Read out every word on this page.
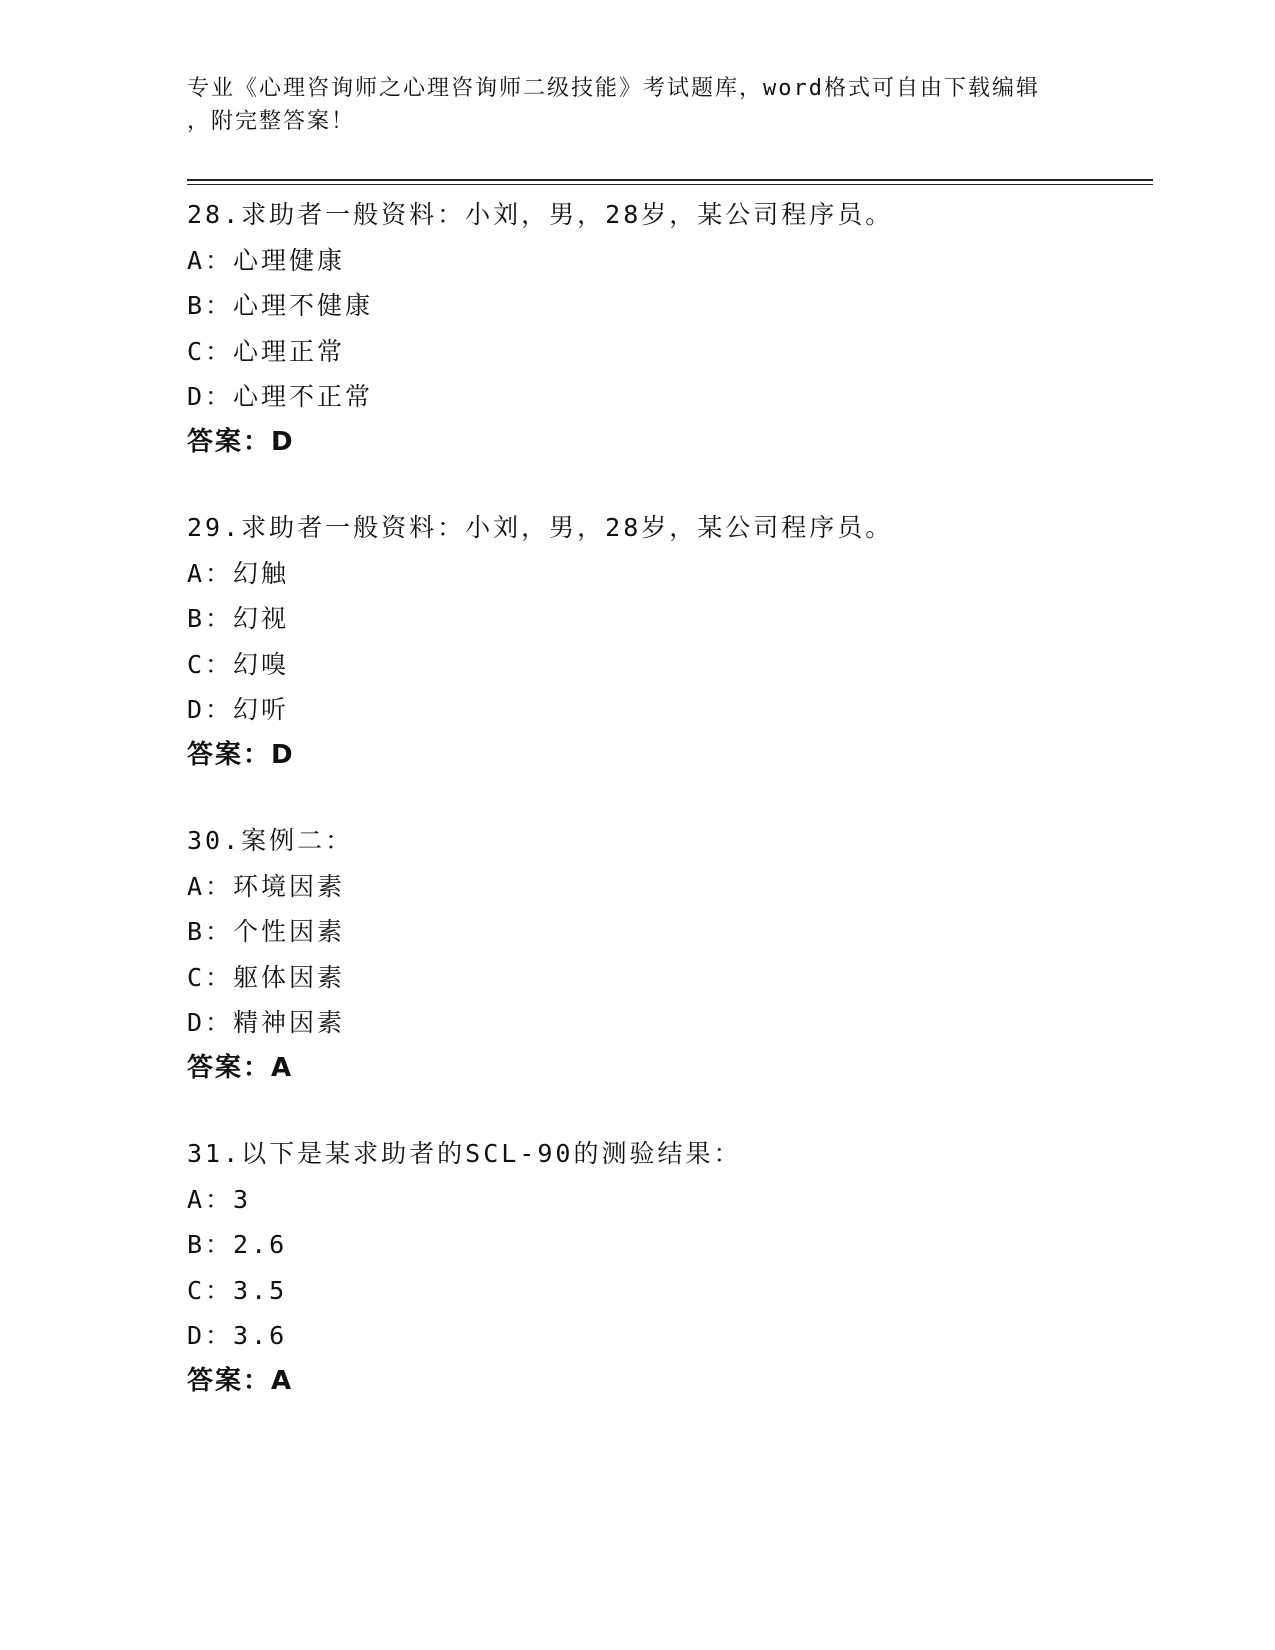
专业《心理咨询师之心理咨询师二级技能》考试题库，word格式可自由下载编辑
，附完整答案！
28.求助者一般资料：小刘，男，28岁，某公司程序员。
A：心理健康
B：心理不健康
C：心理正常
D：心理不正常
答案：D
29.求助者一般资料：小刘，男，28岁，某公司程序员。
A：幻触
B：幻视
C：幻嗅
D：幻听
答案：D
30.案例二：
A：环境因素
B：个性因素
C：躯体因素
D：精神因素
答案：A
31.以下是某求助者的SCL-90的测验结果：
A：3
B：2.6
C：3.5
D：3.6
答案：A
